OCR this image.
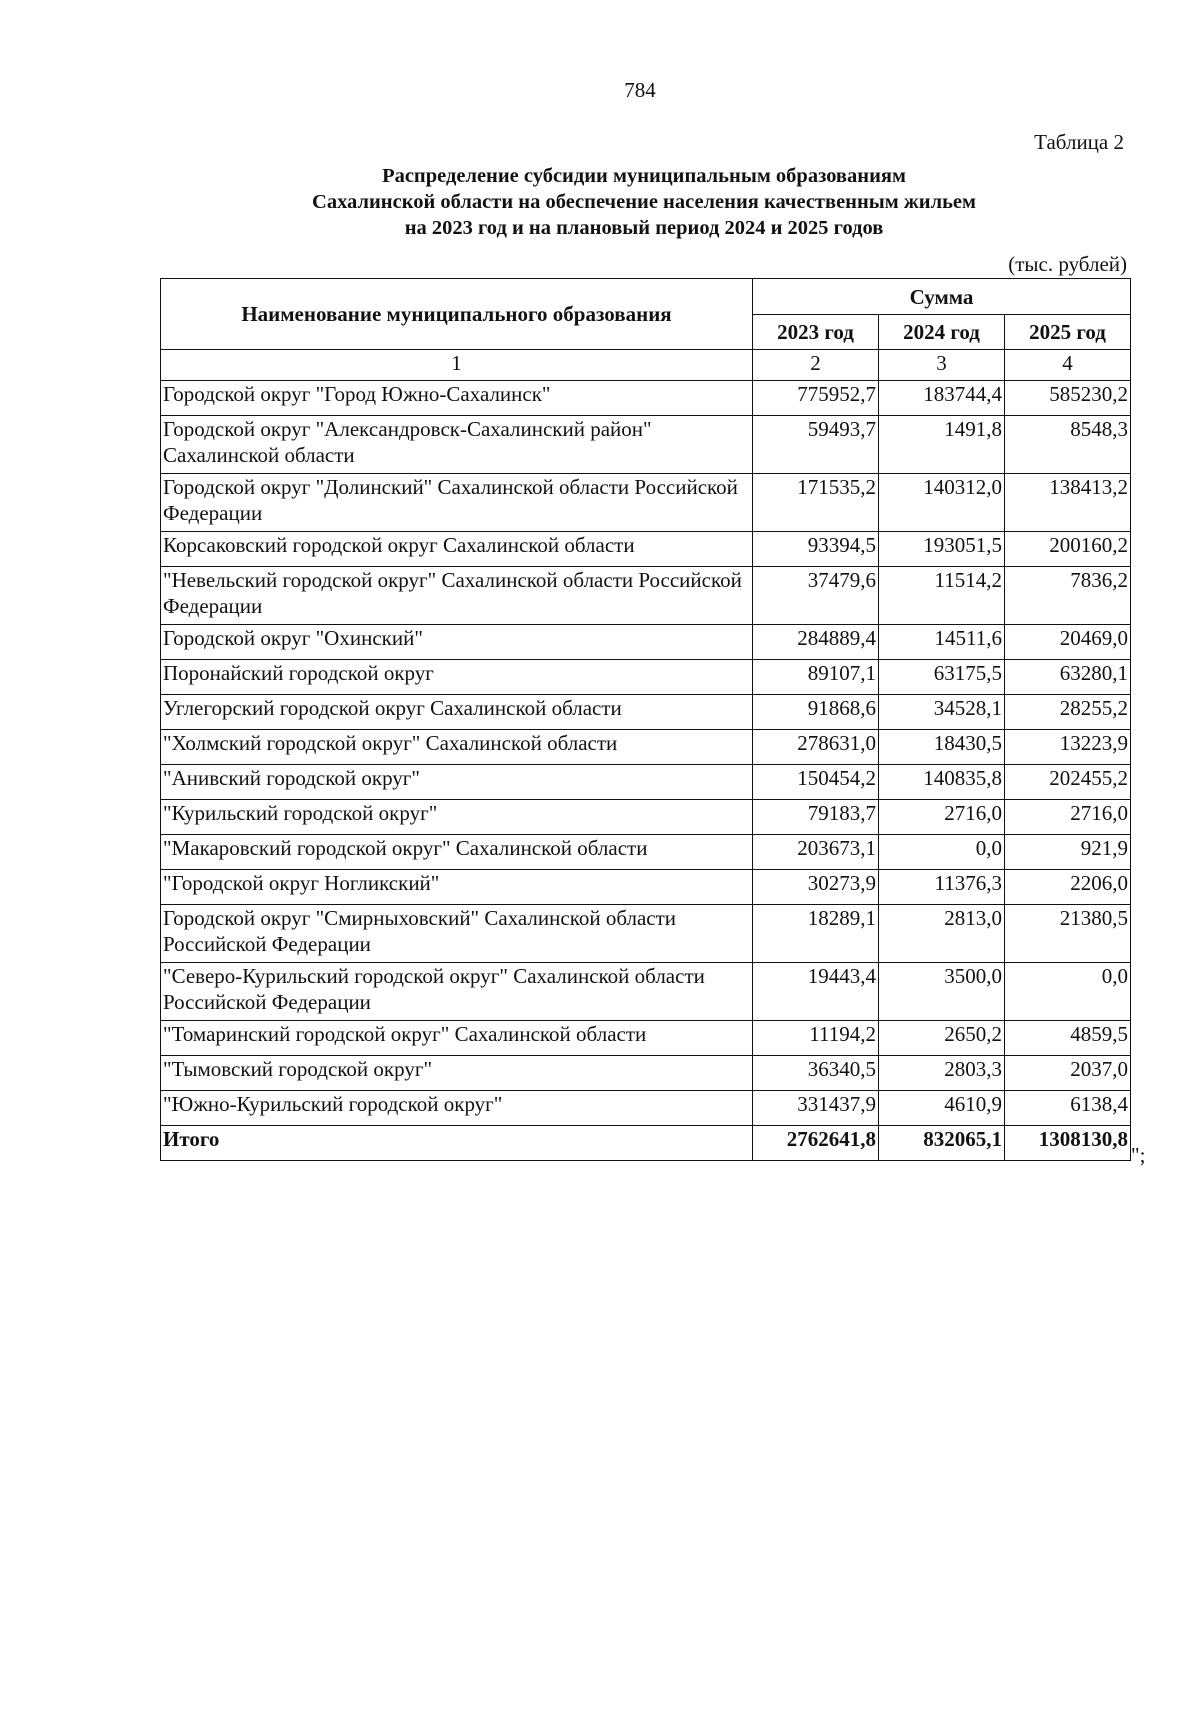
784
Таблица 2
Распределение субсидии муниципальным образованиям
Сахалинской области на обеспечение населения качественным жильем
на 2023 год и на плановый период 2024 и 2025 годов
(тыс. рублей)
Наименование муниципального образования	Сумма		
	2023 год	2024 год	2025 год
1	2	3	4
Городской округ "Город Южно-Сахалинск"	775952,7	183744,4	585230,2
Городской округ "Александровск-Сахалинский район" Сахалинской области	59493,7	1491,8	8548,3
Городской округ "Долинский" Сахалинской области Российской Федерации	171535,2	140312,0	138413,2
Корсаковский городской округ Сахалинской области	93394,5	193051,5	200160,2
"Невельский городской округ" Сахалинской области Российской Федерации	37479,6	11514,2	7836,2
Городской округ "Охинский"	284889,4	14511,6	20469,0
Поронайский городской округ	89107,1	63175,5	63280,1
Углегорский городской округ Сахалинской области	91868,6	34528,1	28255,2
"Холмский городской округ" Сахалинской области	278631,0	18430,5	13223,9
"Анивский городской округ"	150454,2	140835,8	202455,2
"Курильский городской округ"	79183,7	2716,0	2716,0
"Макаровский городской округ" Сахалинской области	203673,1	0,0	921,9
"Городской округ Ногликский"	30273,9	11376,3	2206,0
Городской округ "Смирныховский" Сахалинской области Российской Федерации	18289,1	2813,0	21380,5
"Северо-Курильский городской округ" Сахалинской области Российской Федерации	19443,4	3500,0	0,0
"Томаринский городской округ" Сахалинской области	11194,2	2650,2	4859,5
"Тымовский городской округ"	36340,5	2803,3	2037,0
"Южно-Курильский городской округ"	331437,9	4610,9	6138,4
Итого	2762641,8	832065,1	1308130,8
";
